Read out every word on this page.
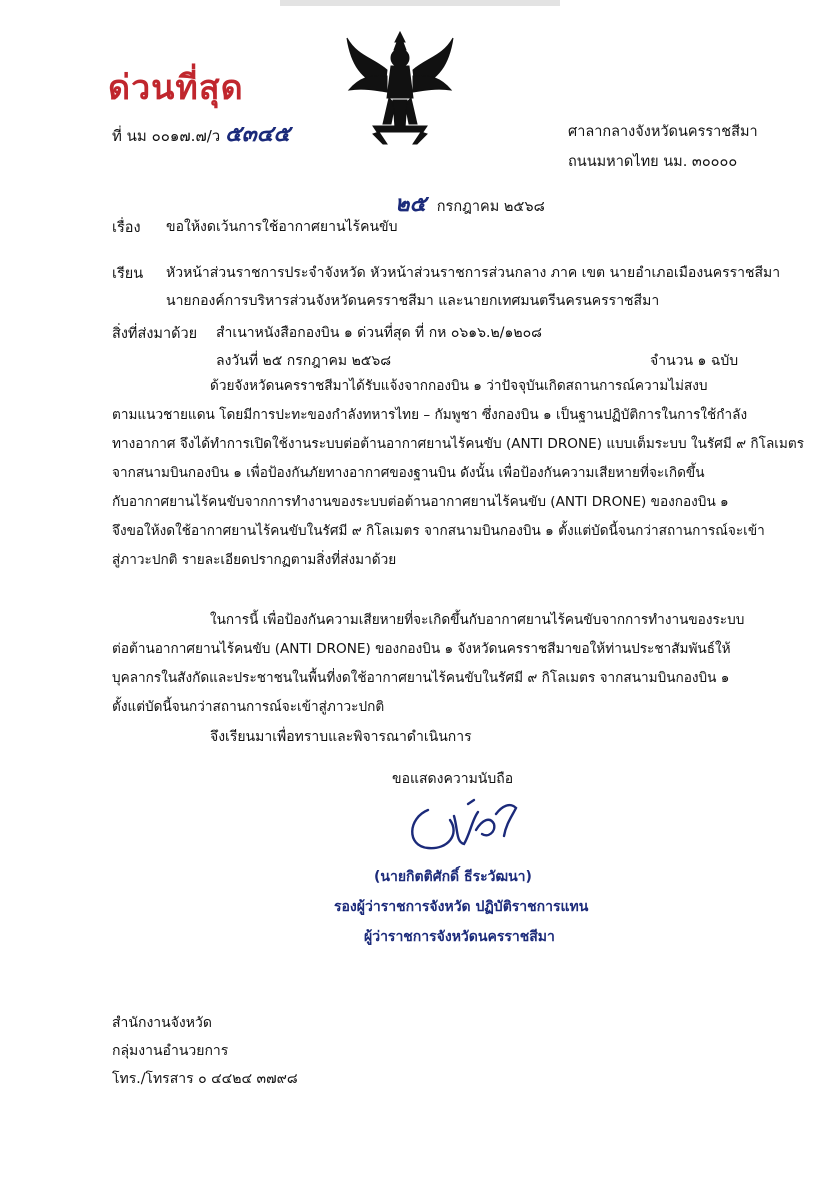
ด่วนที่สุด
ที่ นม ๐๐๑๗.๗/ว ๕๓๔๕	ศาลากลางจังหวัดนครราชสีมา
ถนนมหาดไทย นม. ๓๐๐๐๐
๒๕ กรกฎาคม ๒๕๖๘
เรื่อง ขอให้งดเว้นการใช้อากาศยานไร้คนขับ
เรียน หัวหน้าส่วนราชการประจำจังหวัด หัวหน้าส่วนราชการส่วนกลาง ภาค เขต นายอำเภอเมืองนครราชสีมา
นายกองค์การบริหารส่วนจังหวัดนครราชสีมา และนายกเทศมนตรีนครนครราชสีมา
สิ่งที่ส่งมาด้วย สำเนาหนังสือกองบิน ๑ ด่วนที่สุด ที่ กห ๐๖๑๖.๒/๑๒๐๘
ลงวันที่ ๒๕ กรกฎาคม ๒๕๖๘	จำนวน ๑ ฉบับ
ด้วยจังหวัดนครราชสีมาได้รับแจ้งจากกองบิน ๑ ว่าปัจจุบันเกิดสถานการณ์ความไม่สงบ
ตามแนวชายแดน โดยมีการปะทะของกำลังทหารไทย – กัมพูชา ซึ่งกองบิน ๑ เป็นฐานปฏิบัติการในการใช้กำลัง
ทางอากาศ จึงได้ทำการเปิดใช้งานระบบต่อต้านอากาศยานไร้คนขับ (ANTI DRONE) แบบเต็มระบบ ในรัศมี ๙ กิโลเมตร
จากสนามบินกองบิน ๑ เพื่อป้องกันภัยทางอากาศของฐานบิน ดังนั้น เพื่อป้องกันความเสียหายที่จะเกิดขึ้น
กับอากาศยานไร้คนขับจากการทำงานของระบบต่อต้านอากาศยานไร้คนขับ (ANTI DRONE) ของกองบิน ๑
จึงขอให้งดใช้อากาศยานไร้คนขับในรัศมี ๙ กิโลเมตร จากสนามบินกองบิน ๑ ตั้งแต่บัดนี้จนกว่าสถานการณ์จะเข้า
สู่ภาวะปกติ รายละเอียดปรากฏตามสิ่งที่ส่งมาด้วย
ในการนี้ เพื่อป้องกันความเสียหายที่จะเกิดขึ้นกับอากาศยานไร้คนขับจากการทำงานของระบบ
ต่อต้านอากาศยานไร้คนขับ (ANTI DRONE) ของกองบิน ๑ จังหวัดนครราชสีมาขอให้ท่านประชาสัมพันธ์ให้
บุคลากรในสังกัดและประชาชนในพื้นที่งดใช้อากาศยานไร้คนขับในรัศมี ๙ กิโลเมตร จากสนามบินกองบิน ๑
ตั้งแต่บัดนี้จนกว่าสถานการณ์จะเข้าสู่ภาวะปกติ
จึงเรียนมาเพื่อทราบและพิจารณาดำเนินการ
ขอแสดงความนับถือ
(นายกิตติศักดิ์ ธีระวัฒนา)
รองผู้ว่าราชการจังหวัด ปฏิบัติราชการแทน
ผู้ว่าราชการจังหวัดนครราชสีมา
สำนักงานจังหวัด
กลุ่มงานอำนวยการ
โทร./โทรสาร ๐ ๔๔๒๔ ๓๗๙๘
